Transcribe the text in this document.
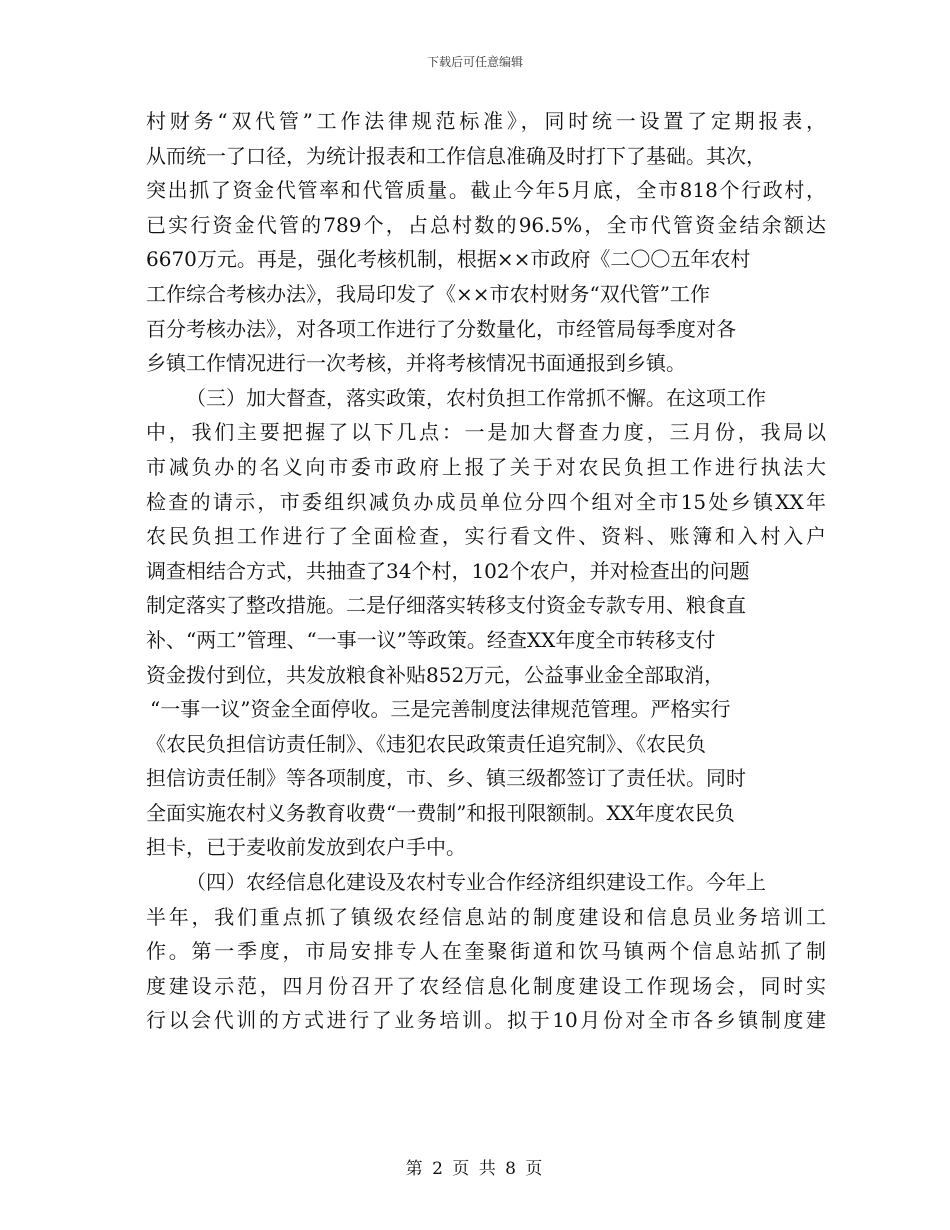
下载后可任意编辑
村财务“双代管”工作法律规范标准》，同时统一设置了定期报表，
从而统一了口径，为统计报表和工作信息准确及时打下了基础。其次，
突出抓了资金代管率和代管质量。截止今年5月底，全市818个行政村，
已实行资金代管的789个，占总村数的96.5%，全市代管资金结余额达
6670万元。再是，强化考核机制，根据××市政府《二〇〇五年农村
工作综合考核办法》，我局印发了《××市农村财务“双代管”工作
百分考核办法》，对各项工作进行了分数量化，市经管局每季度对各
乡镇工作情况进行一次考核，并将考核情况书面通报到乡镇。
（三）加大督查，落实政策，农村负担工作常抓不懈。在这项工作
中，我们主要把握了以下几点：一是加大督查力度，三月份，我局以
市减负办的名义向市委市政府上报了关于对农民负担工作进行执法大
检查的请示，市委组织减负办成员单位分四个组对全市15处乡镇XX年
农民负担工作进行了全面检查，实行看文件、资料、账簿和入村入户
调查相结合方式，共抽查了34个村，102个农户，并对检查出的问题
制定落实了整改措施。二是仔细落实转移支付资金专款专用、粮食直
补、“两工”管理、“一事一议”等政策。经查XX年度全市转移支付
资金拨付到位，共发放粮食补贴852万元，公益事业金全部取消，
“一事一议”资金全面停收。三是完善制度法律规范管理。严格实行
《农民负担信访责任制》、《违犯农民政策责任追究制》、《农民负
担信访责任制》等各项制度，市、乡、镇三级都签订了责任状。同时
全面实施农村义务教育收费“一费制”和报刊限额制。XX年度农民负
担卡，已于麦收前发放到农户手中。
（四）农经信息化建设及农村专业合作经济组织建设工作。今年上
半年，我们重点抓了镇级农经信息站的制度建设和信息员业务培训工
作。第一季度，市局安排专人在奎聚街道和饮马镇两个信息站抓了制
度建设示范，四月份召开了农经信息化制度建设工作现场会，同时实
行以会代训的方式进行了业务培训。拟于10月份对全市各乡镇制度建
第 2 页 共 8 页
